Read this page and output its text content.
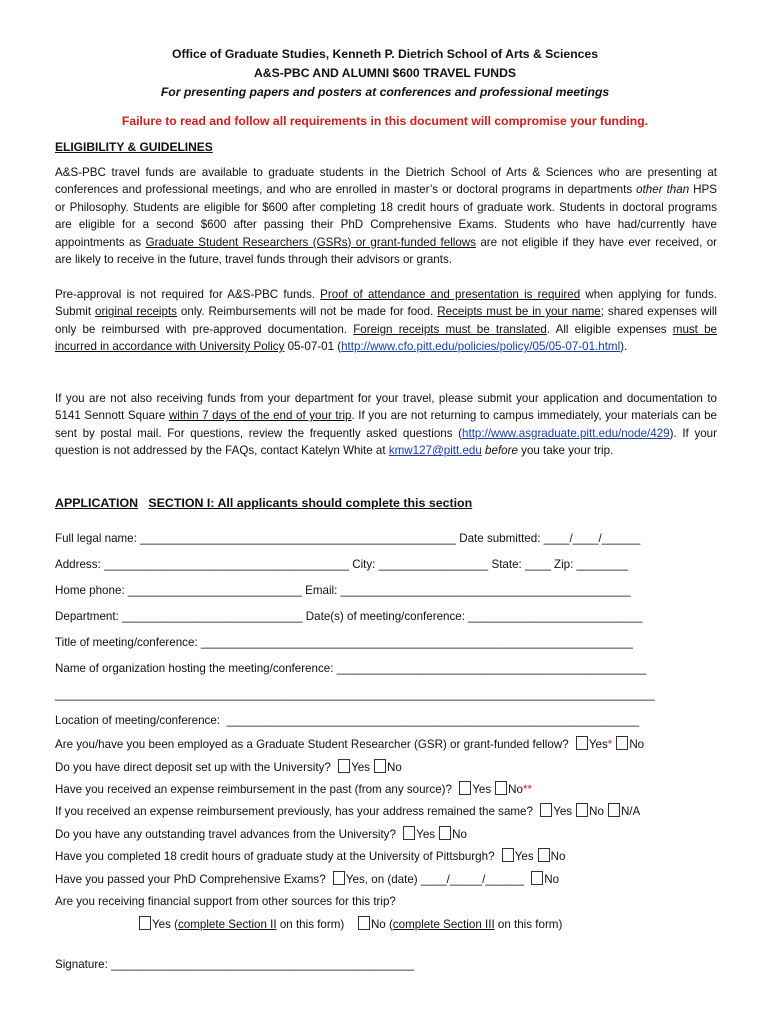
Office of Graduate Studies, Kenneth P. Dietrich School of Arts & Sciences
A&S-PBC AND ALUMNI $600 TRAVEL FUNDS
For presenting papers and posters at conferences and professional meetings
Failure to read and follow all requirements in this document will compromise your funding.
ELIGIBILITY & GUIDELINES
A&S-PBC travel funds are available to graduate students in the Dietrich School of Arts & Sciences who are presenting at conferences and professional meetings, and who are enrolled in master’s or doctoral programs in departments other than HPS or Philosophy. Students are eligible for $600 after completing 18 credit hours of graduate work. Students in doctoral programs are eligible for a second $600 after passing their PhD Comprehensive Exams. Students who have had/currently have appointments as Graduate Student Researchers (GSRs) or grant-funded fellows are not eligible if they have ever received, or are likely to receive in the future, travel funds through their advisors or grants.
Pre-approval is not required for A&S-PBC funds. Proof of attendance and presentation is required when applying for funds. Submit original receipts only. Reimbursements will not be made for food. Receipts must be in your name; shared expenses will only be reimbursed with pre-approved documentation. Foreign receipts must be translated. All eligible expenses must be incurred in accordance with University Policy 05-07-01 (http://www.cfo.pitt.edu/policies/policy/05/05-07-01.html).
If you are not also receiving funds from your department for your travel, please submit your application and documentation to 5141 Sennott Square within 7 days of the end of your trip. If you are not returning to campus immediately, your materials can be sent by postal mail. For questions, review the frequently asked questions (http://www.asgraduate.pitt.edu/node/429). If your question is not addressed by the FAQs, contact Katelyn White at kmw127@pitt.edu before you take your trip.
APPLICATION SECTION I: All applicants should complete this section
Full legal name: _________________________________________________ Date submitted: ____/____/______
Address: ______________________________________ City: _________________ State: ____ Zip: ________
Home phone: ___________________________ Email: _____________________________________________
Department: ____________________________ Date(s) of meeting/conference: ___________________________
Title of meeting/conference: ___________________________________________________________________
Name of organization hosting the meeting/conference: ________________________________________________
_____________________________________________________________________________________________
Location of meeting/conference:  ________________________________________________________________
Are you/have you been employed as a Graduate Student Researcher (GSR) or grant-funded fellow? Yes* No
Do you have direct deposit set up with the University? Yes No
Have you received an expense reimbursement in the past (from any source)? Yes No**
If you received an expense reimbursement previously, has your address remained the same? Yes No N/A
Do you have any outstanding travel advances from the University? Yes No
Have you completed 18 credit hours of graduate study at the University of Pittsburgh? Yes No
Have you passed your PhD Comprehensive Exams? Yes, on (date) ____/_____/______ No
Are you receiving financial support from other sources for this trip?
Yes (complete Section II on this form) No (complete Section III on this form)
Signature: _______________________________________________
